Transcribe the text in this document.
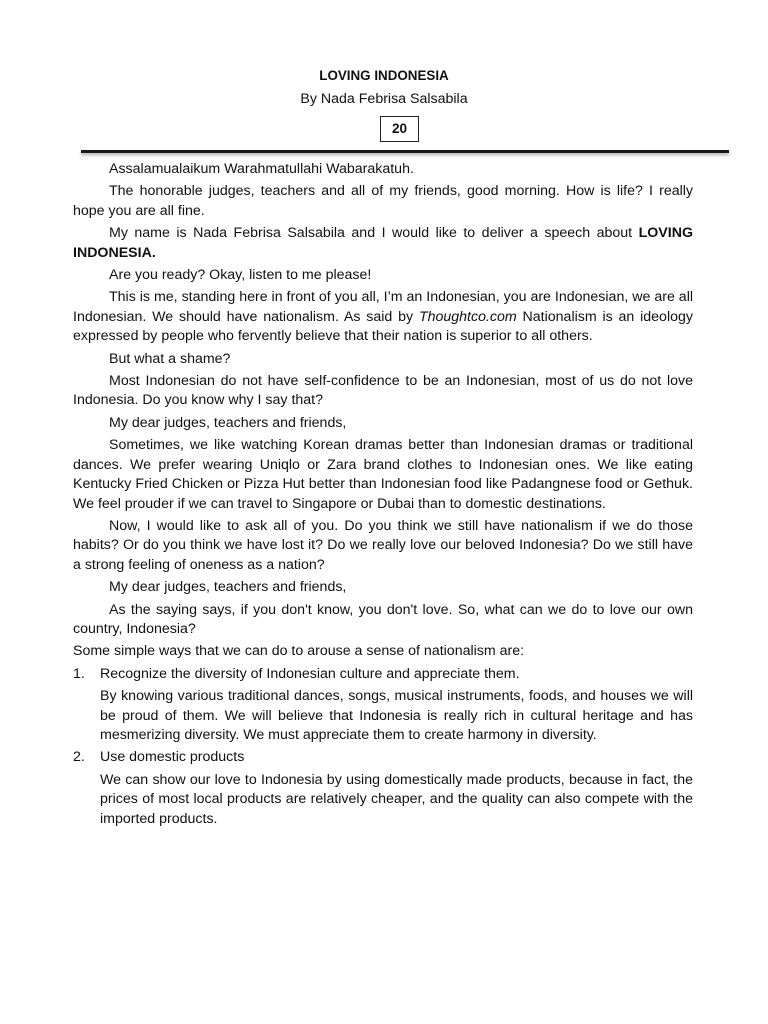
LOVING INDONESIA
By Nada Febrisa Salsabila
20

Assalamualaikum Warahmatullahi Wabarakatuh.

The honorable judges, teachers and all of my friends, good morning. How is life? I really hope you are all fine.

My name is Nada Febrisa Salsabila and I would like to deliver a speech about LOVING INDONESIA.

Are you ready? Okay, listen to me please!

This is me, standing here in front of you all, I’m an Indonesian, you are Indonesian, we are all Indonesian. We should have nationalism. As said by Thoughtco.com Nationalism is an ideology expressed by people who fervently believe that their nation is superior to all others.

But what a shame?

Most Indonesian do not have self-confidence to be an Indonesian, most of us do not love Indonesia. Do you know why I say that?

My dear judges, teachers and friends,

Sometimes, we like watching Korean dramas better than Indonesian dramas or traditional dances. We prefer wearing Uniqlo or Zara brand clothes to Indonesian ones. We like eating Kentucky Fried Chicken or Pizza Hut better than Indonesian food like Padangnese food or Gethuk. We feel prouder if we can travel to Singapore or Dubai than to domestic destinations.

Now, I would like to ask all of you. Do you think we still have nationalism if we do those habits? Or do you think we have lost it? Do we really love our beloved Indonesia? Do we still have a strong feeling of oneness as a nation?

My dear judges, teachers and friends,

As the saying says, if you don't know, you don't love. So, what can we do to love our own country, Indonesia?

Some simple ways that we can do to arouse a sense of nationalism are:

1. Recognize the diversity of Indonesian culture and appreciate them.
By knowing various traditional dances, songs, musical instruments, foods, and houses we will be proud of them. We will believe that Indonesia is really rich in cultural heritage and has mesmerizing diversity. We must appreciate them to create harmony in diversity.
2. Use domestic products
We can show our love to Indonesia by using domestically made products, because in fact, the prices of most local products are relatively cheaper, and the quality can also compete with the imported products.
